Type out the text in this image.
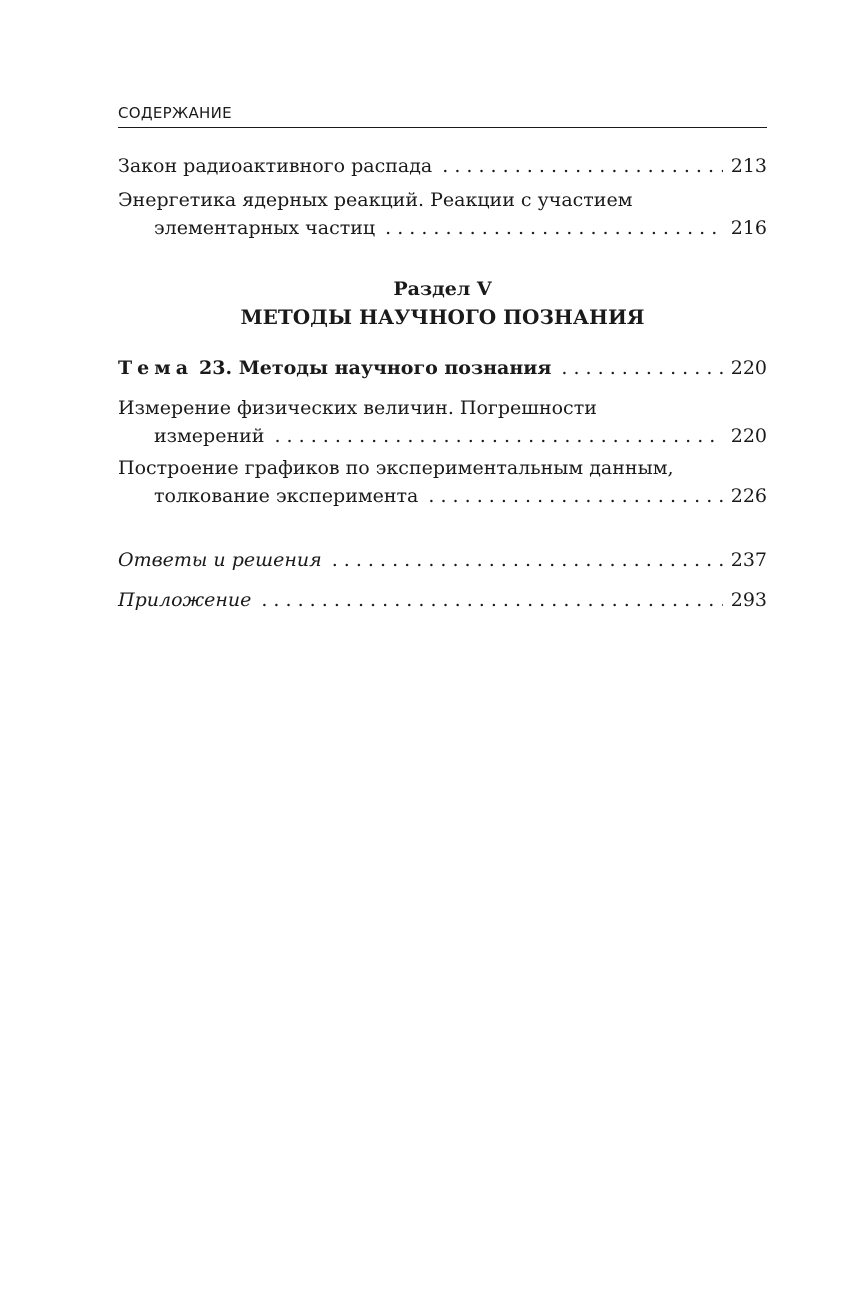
СОДЕРЖАНИЕ
Закон радиоактивного распада . . .	213
Энергетика ядерных реакций. Реакции с участием
элементарных частиц . . .	216
Раздел V
МЕТОДЫ НАУЧНОГО ПОЗНАНИЯ
Тема 23. Методы научного познания . . .	220
Измерение физических величин. Погрешности
измерений . . .	220
Построение графиков по экспериментальным данным,
толкование эксперимента . . .	226
Ответы и решения . . .	237
Приложение . . .	293
